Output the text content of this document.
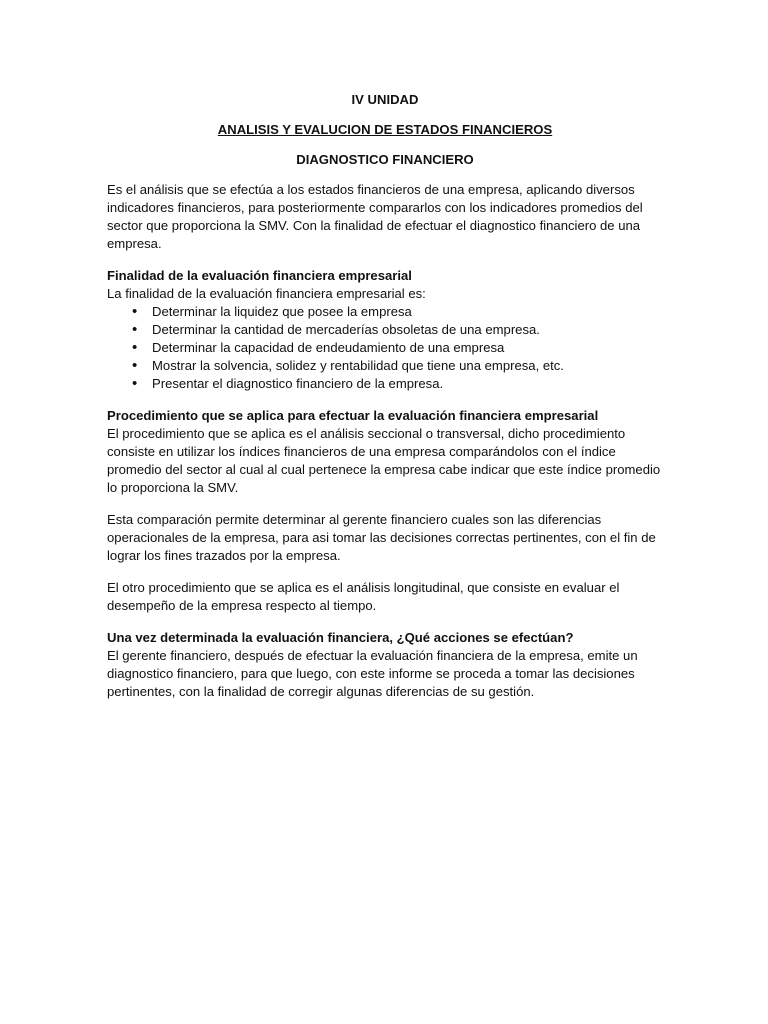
IV UNIDAD

ANALISIS Y EVALUCION DE ESTADOS FINANCIEROS

DIAGNOSTICO FINANCIERO

Es el análisis que se efectúa a los estados financieros de una empresa, aplicando diversos indicadores financieros, para posteriormente compararlos con los indicadores promedios del sector que proporciona la SMV. Con la finalidad de efectuar el diagnostico financiero de una empresa.

Finalidad de la evaluación financiera empresarial

La finalidad de la evaluación financiera empresarial es:

• Determinar la liquidez que posee la empresa
• Determinar la cantidad de mercaderías obsoletas de una empresa.
• Determinar la capacidad de endeudamiento de una empresa
• Mostrar la solvencia, solidez y rentabilidad que tiene una empresa, etc.
• Presentar el diagnostico financiero de la empresa.

Procedimiento que se aplica para efectuar la evaluación financiera empresarial

El procedimiento que se aplica es el análisis seccional o transversal, dicho procedimiento consiste en utilizar los índices financieros de una empresa comparándolos con el índice promedio del sector al cual al cual pertenece la empresa cabe indicar que este índice promedio lo proporciona la SMV.

Esta comparación permite determinar al gerente financiero cuales son las diferencias operacionales de la empresa, para asi tomar las decisiones correctas pertinentes, con el fin de lograr los fines trazados por la empresa.

El otro procedimiento que se aplica es el análisis longitudinal, que consiste en evaluar el desempeño de la empresa respecto al tiempo.

Una vez determinada la evaluación financiera, ¿Qué acciones se efectúan?

El gerente financiero, después de efectuar la evaluación financiera de la empresa, emite un diagnostico financiero, para que luego, con este informe se proceda a tomar las decisiones pertinentes, con la finalidad de corregir algunas diferencias de su gestión.
